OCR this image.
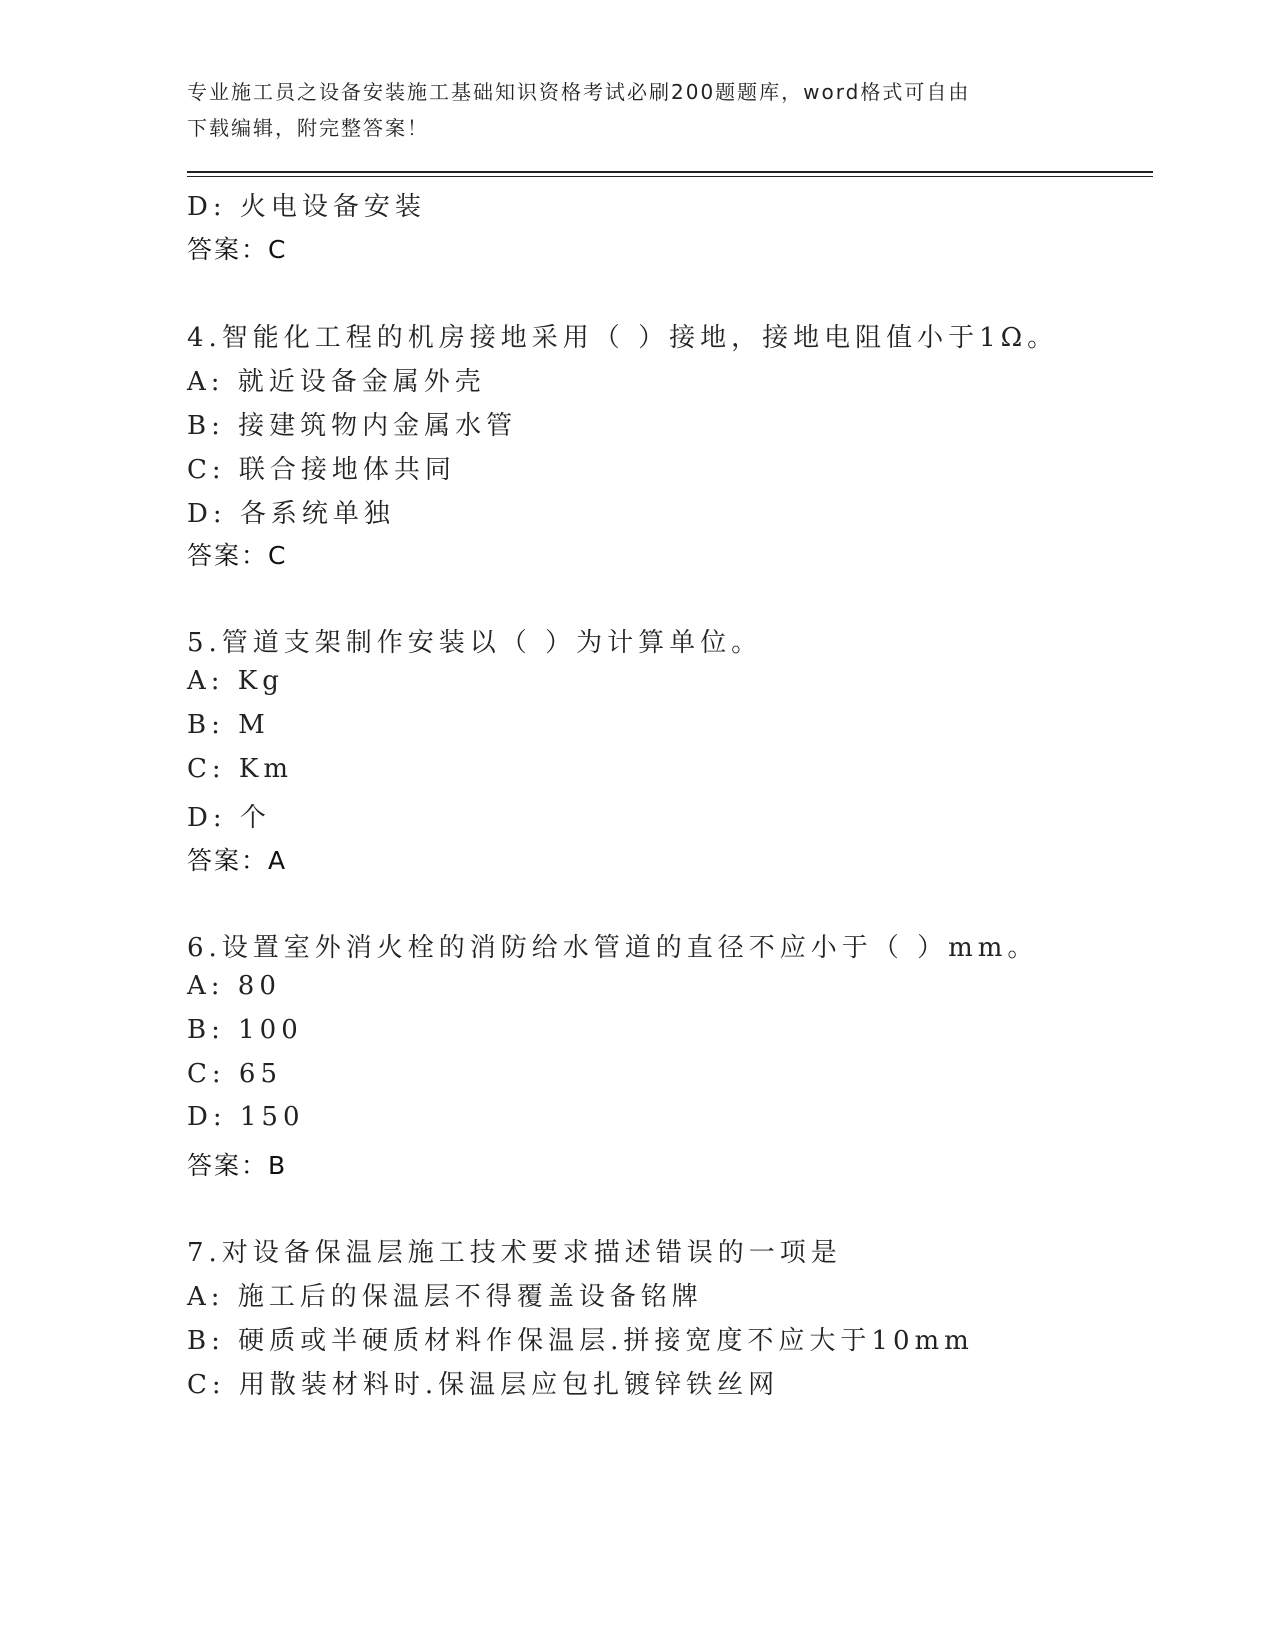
专业施工员之设备安装施工基础知识资格考试必刷200题题库，word格式可自由
下载编辑，附完整答案！
D: 火电设备安装
答案：C
4.智能化工程的机房接地采用（ ）接地，接地电阻值小于1Ω。
A: 就近设备金属外壳
B: 接建筑物内金属水管
C: 联合接地体共同
D: 各系统单独
答案：C
5.管道支架制作安装以（ ）为计算单位。
A: Kg
B: M
C: Km
D: 个
答案：A
6.设置室外消火栓的消防给水管道的直径不应小于（ ）mm。
A: 80
B: 100
C: 65
D: 150
答案：B
7.对设备保温层施工技术要求描述错误的一项是
A: 施工后的保温层不得覆盖设备铭牌
B: 硬质或半硬质材料作保温层.拼接宽度不应大于10mm
C: 用散装材料时.保温层应包扎镀锌铁丝网
